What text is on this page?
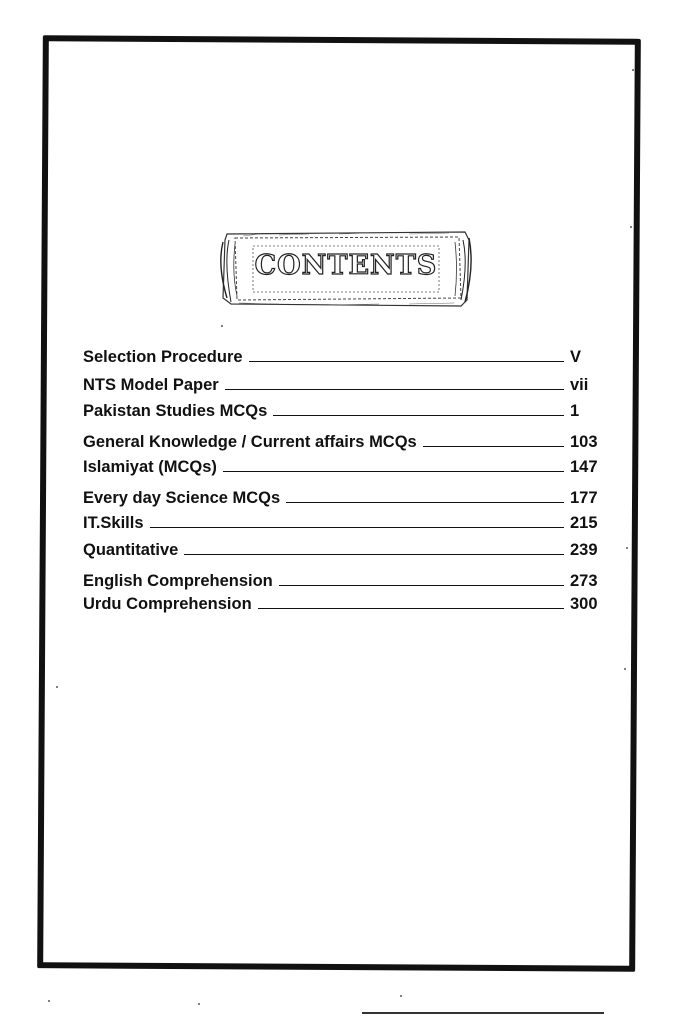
CONTENTS
Selection Procedure	V
NTS Model Paper	vii
Pakistan Studies MCQs	1
General Knowledge / Current affairs MCQs	103
Islamiyat (MCQs)	147
Every day Science MCQs	177
IT.Skills	215
Quantitative	239
English Comprehension	273
Urdu Comprehension	300
